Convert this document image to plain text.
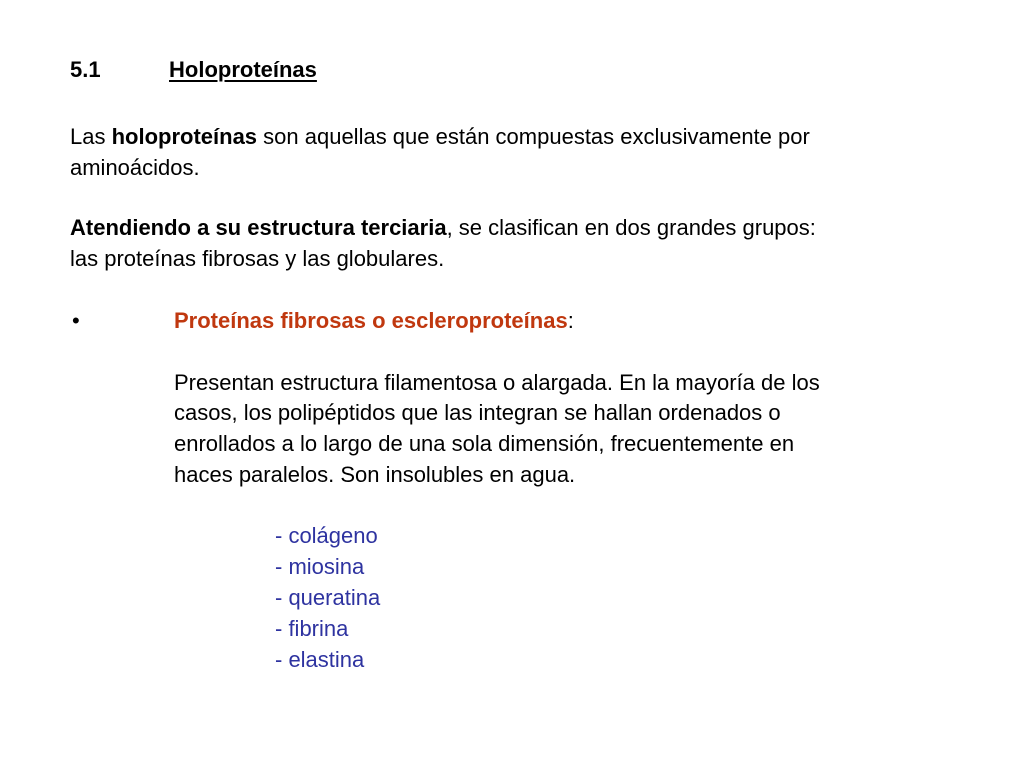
5.1	Holoproteínas
Las holoproteínas son aquellas que están compuestas exclusivamente por
aminoácidos.
Atendiendo a su estructura terciaria, se clasifican en dos grandes grupos:
las proteínas fibrosas y las globulares.
•	Proteínas fibrosas o escleroproteínas:
Presentan estructura filamentosa o alargada. En la mayoría de los
casos, los polipéptidos que las integran se hallan ordenados o
enrollados a lo largo de una sola dimensión, frecuentemente en
haces paralelos. Son insolubles en agua.
- colágeno
- miosina
- queratina
- fibrina
- elastina
